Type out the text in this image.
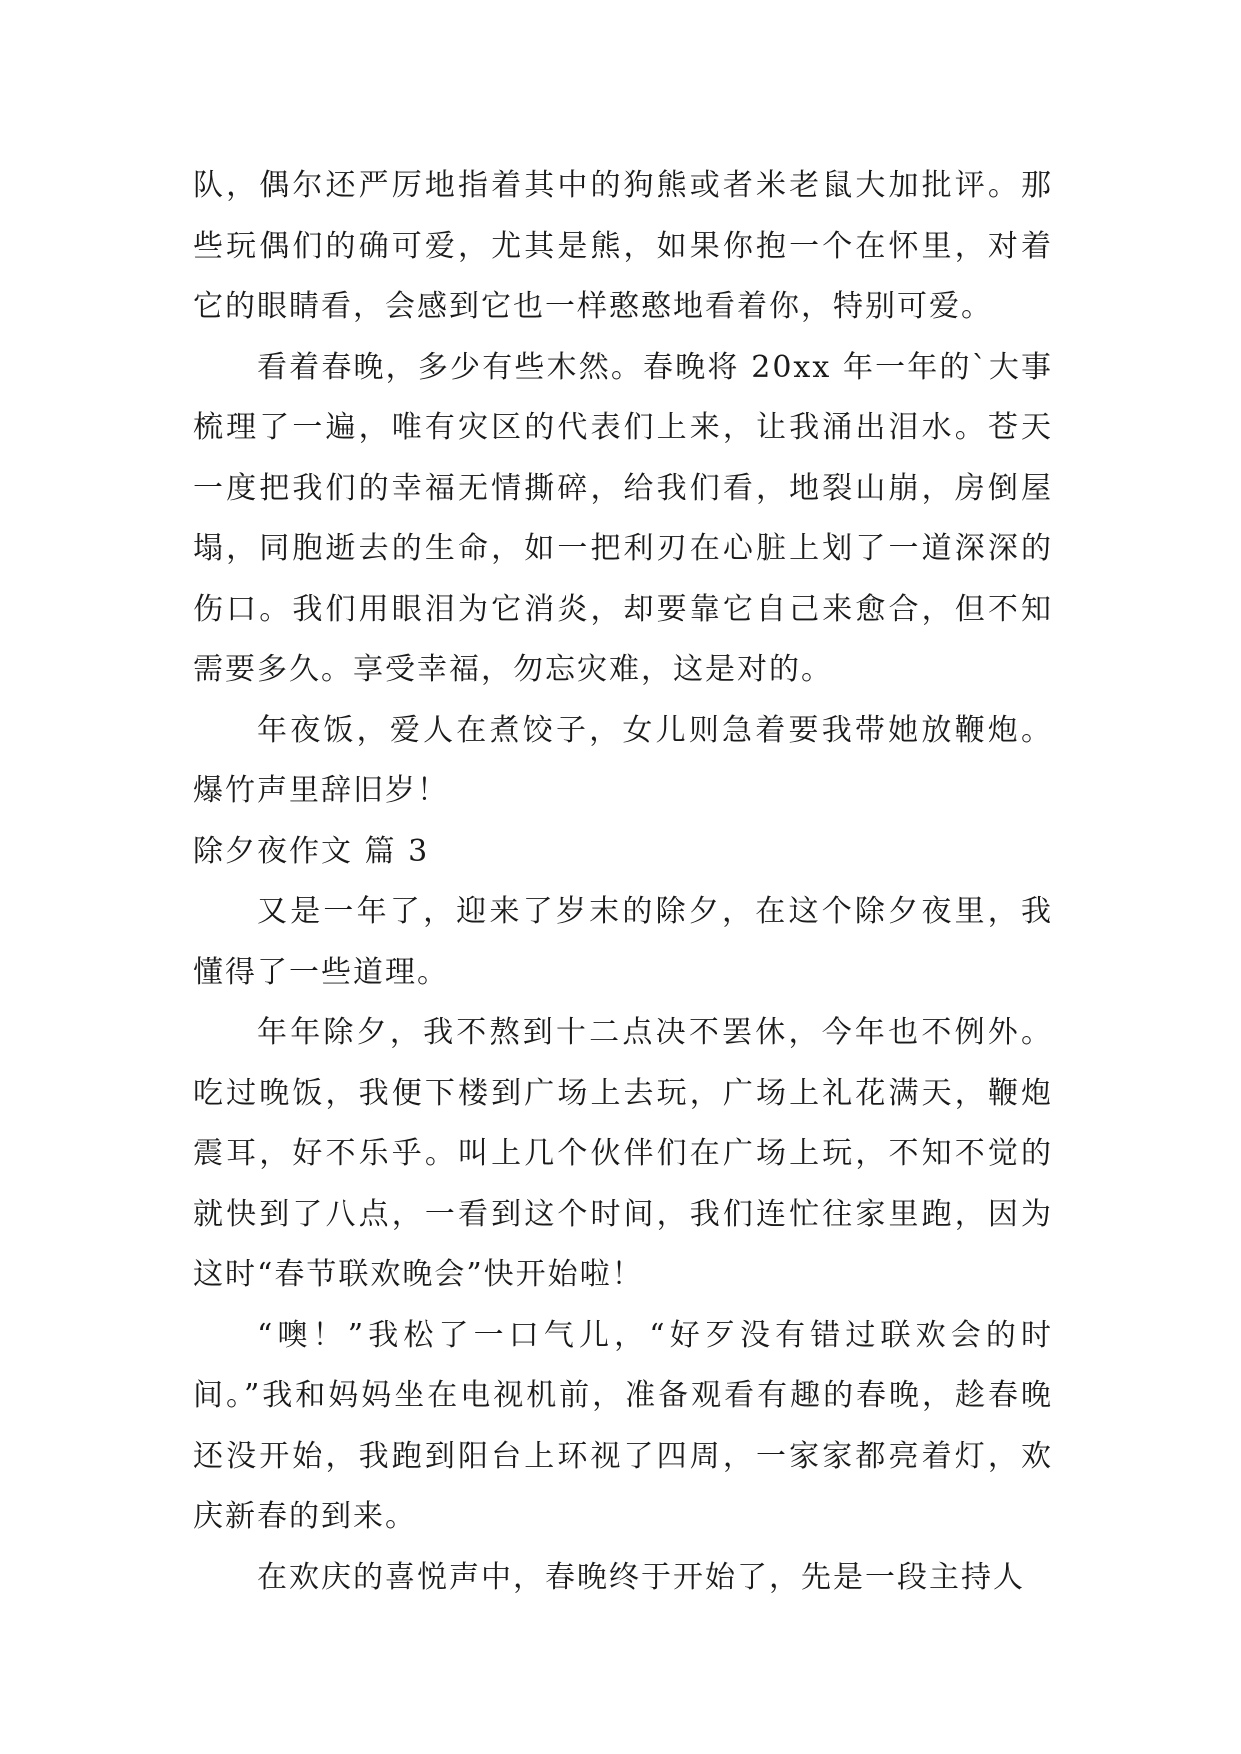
队，偶尔还严厉地指着其中的狗熊或者米老鼠大加批评。那些玩偶们的确可爱，尤其是熊，如果你抱一个在怀里，对着它的眼睛看，会感到它也一样憨憨地看着你，特别可爱。

看着春晚，多少有些木然。春晚将 20xx 年一年的`大事梳理了一遍，唯有灾区的代表们上来，让我涌出泪水。苍天一度把我们的幸福无情撕碎，给我们看，地裂山崩，房倒屋塌，同胞逝去的生命，如一把利刃在心脏上划了一道深深的伤口。我们用眼泪为它消炎，却要靠它自己来愈合，但不知需要多久。享受幸福，勿忘灾难，这是对的。

年夜饭，爱人在煮饺子，女儿则急着要我带她放鞭炮。爆竹声里辞旧岁！

除夕夜作文 篇 3

又是一年了，迎来了岁末的除夕，在这个除夕夜里，我懂得了一些道理。

年年除夕，我不熬到十二点决不罢休，今年也不例外。吃过晚饭，我便下楼到广场上去玩，广场上礼花满天，鞭炮震耳，好不乐乎。叫上几个伙伴们在广场上玩，不知不觉的就快到了八点，一看到这个时间，我们连忙往家里跑，因为这时“春节联欢晚会”快开始啦！

“噢！”我松了一口气儿，“好歹没有错过联欢会的时间。”我和妈妈坐在电视机前，准备观看有趣的春晚，趁春晚还没开始，我跑到阳台上环视了四周，一家家都亮着灯，欢庆新春的到来。

在欢庆的喜悦声中，春晚终于开始了，先是一段主持人
